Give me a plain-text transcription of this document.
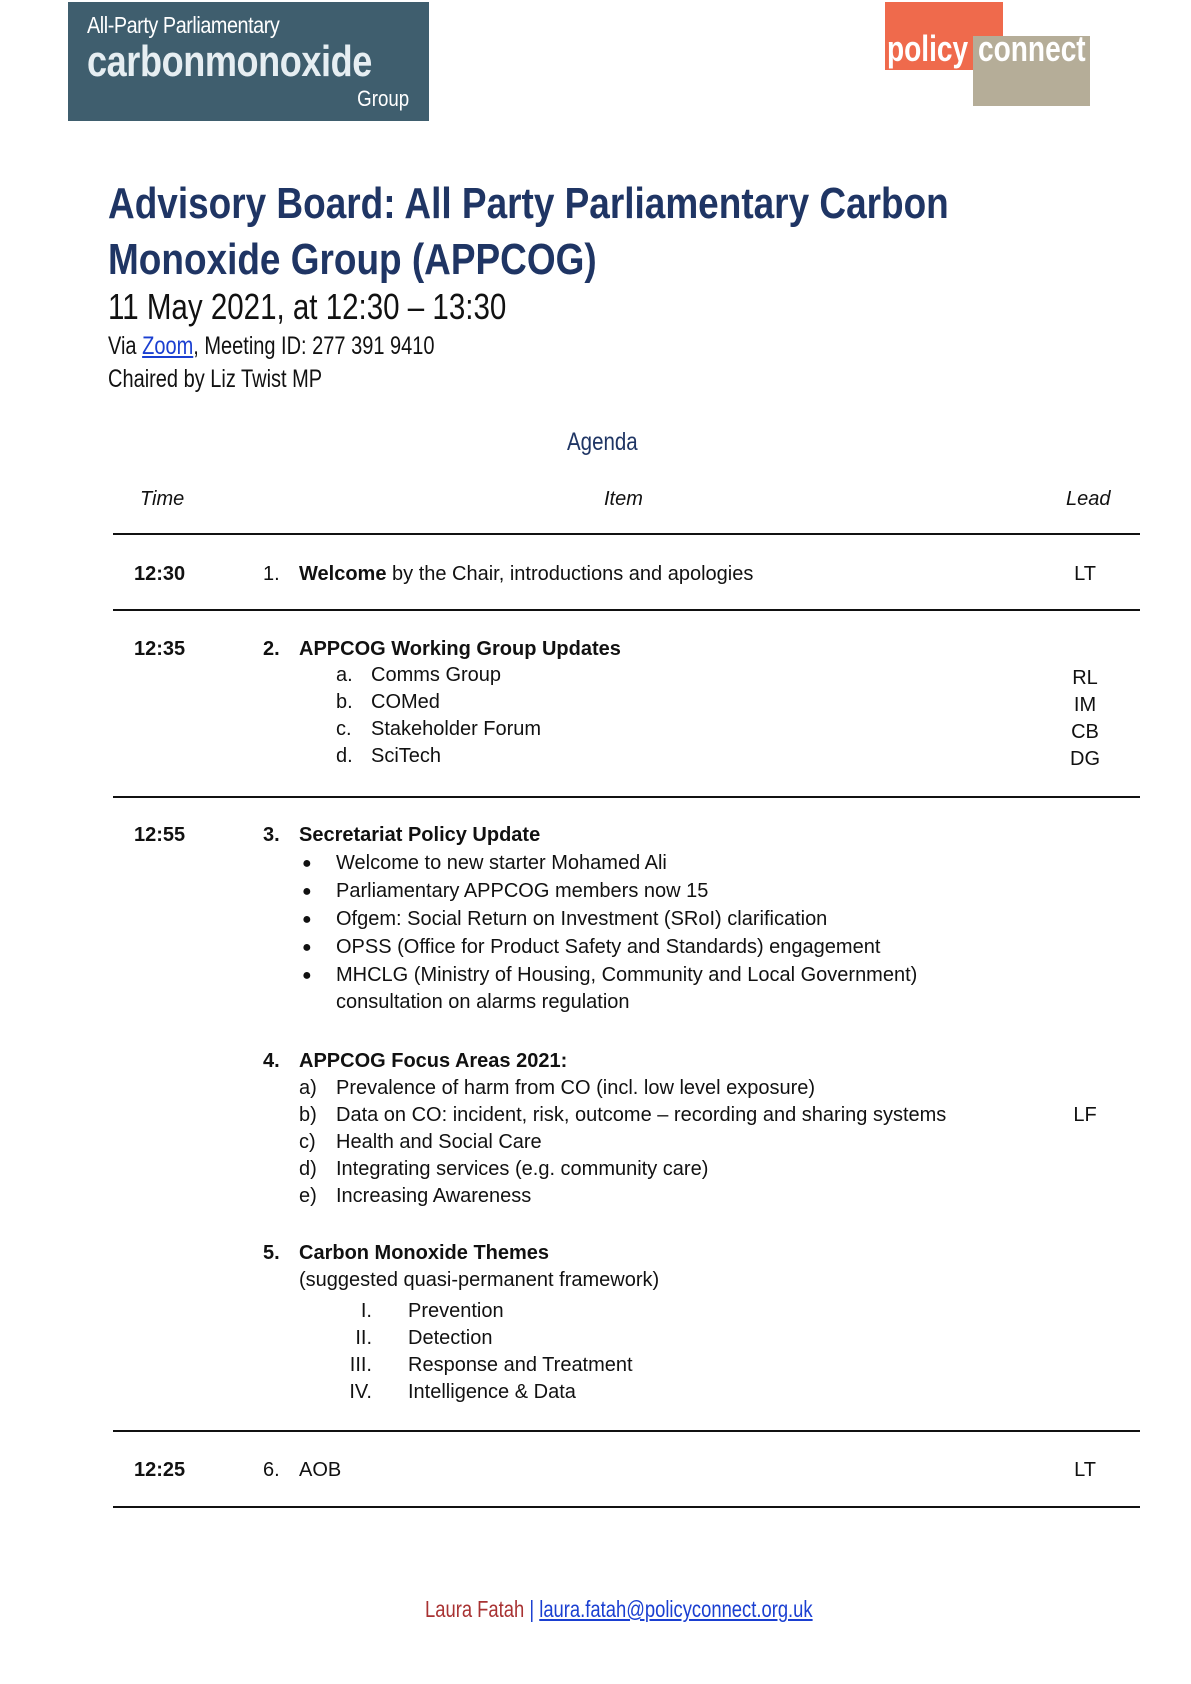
All-Party Parliamentary
carbonmonoxide
Group
policy connect
Advisory Board: All Party Parliamentary Carbon Monoxide Group (APPCOG)
11 May 2021, at 12:30 – 13:30
Via Zoom, Meeting ID: 277 391 9410
Chaired by Liz Twist MP
Agenda
Time	Item	Lead
12:30	1. Welcome by the Chair, introductions and apologies	LT
12:35	2. APPCOG Working Group Updates
a. Comms Group	RL
b. COMed	IM
c. Stakeholder Forum	CB
d. SciTech	DG
12:55	3. Secretariat Policy Update
● Welcome to new starter Mohamed Ali
● Parliamentary APPCOG members now 15
● Ofgem: Social Return on Investment (SRoI) clarification
● OPSS (Office for Product Safety and Standards) engagement
● MHCLG (Ministry of Housing, Community and Local Government)
consultation on alarms regulation
4. APPCOG Focus Areas 2021:
a) Prevalence of harm from CO (incl. low level exposure)
b) Data on CO: incident, risk, outcome – recording and sharing systems	LF
c) Health and Social Care
d) Integrating services (e.g. community care)
e) Increasing Awareness
5. Carbon Monoxide Themes
(suggested quasi-permanent framework)
I. Prevention
II. Detection
III. Response and Treatment
IV. Intelligence & Data
12:25	6. AOB	LT
Laura Fatah | laura.fatah@policyconnect.org.uk
